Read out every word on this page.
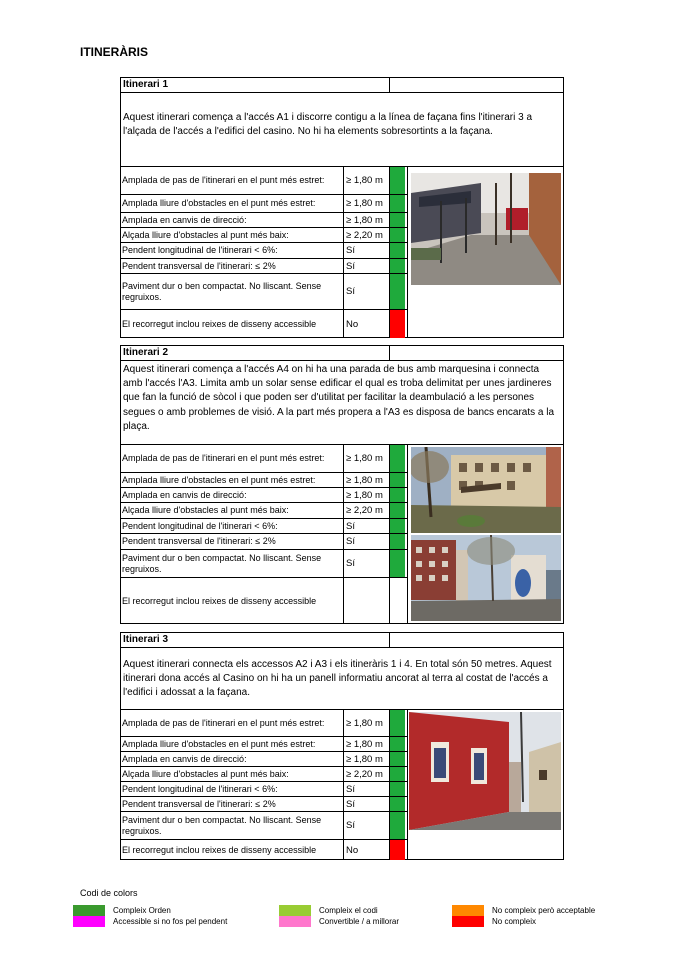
ITINERÀRIS
Itinerari 1
Aquest itinerari comença a l'accés A1 i discorre contigu a la línea de façana fins l'itinerari 3 a l'alçada de l'accés a l'edifici del casino. No hi ha elements sobresortints a la façana.
Amplada de pas de l'itinerari en el punt més estret:	≥ 1,80 m
Amplada lliure d'obstacles en el punt més estret:	≥ 1,80 m
Amplada en canvis de direcció:	≥ 1,80 m
Alçada lliure d'obstacles al punt més baix:	≥ 2,20 m
Pendent longitudinal de l'itinerari < 6%:	Sí
Pendent transversal de l'itinerari: ≤ 2%	Sí
Paviment dur o ben compactat. No lliscant. Sense regruixos.	Sí
El recorregut inclou reixes de disseny accessible	No
Itinerari 2
Aquest itinerari comença a l'accés A4 on hi ha una parada de bus amb marquesina i connecta amb l'accés l'A3. Limita amb un solar sense edificar el qual es troba delimitat per unes jardineres que fan la funció de sòcol i que poden ser d'utilitat per facilitar la deambulació a les persones segues o amb problemes de visió. A la part més propera a l'A3 es disposa de bancs encarats a la plaça.
Amplada de pas de l'itinerari en el punt més estret:	≥ 1,80 m
Amplada lliure d'obstacles en el punt més estret:	≥ 1,80 m
Amplada en canvis de direcció:	≥ 1,80 m
Alçada lliure d'obstacles al punt més baix:	≥ 2,20 m
Pendent longitudinal de l'itinerari < 6%:	Sí
Pendent transversal de l'itinerari: ≤ 2%	Sí
Paviment dur o ben compactat. No lliscant. Sense regruixos.	Sí
El recorregut inclou reixes de disseny accessible
Itinerari 3
Aquest itinerari connecta els accessos A2 i A3 i els itineràris 1 i 4. En total són 50 metres. Aquest itinerari dona accés al Casino on hi ha un panell informatiu ancorat al terra al costat de l'accés a l'edifici i adossat a la façana.
Amplada de pas de l'itinerari en el punt més estret:	≥ 1,80 m
Amplada lliure d'obstacles en el punt més estret:	≥ 1,80 m
Amplada en canvis de direcció:	≥ 1,80 m
Alçada lliure d'obstacles al punt més baix:	≥ 2,20 m
Pendent longitudinal de l'itinerari < 6%:	Sí
Pendent transversal de l'itinerari: ≤ 2%	Sí
Paviment dur o ben compactat. No lliscant. Sense regruixos.	Sí
El recorregut inclou reixes de disseny accessible	No
Codi de colors
Compleix Orden
Accessible si no fos pel pendent
Compleix el codi
Convertible / a millorar
No compleix però acceptable
No compleix
